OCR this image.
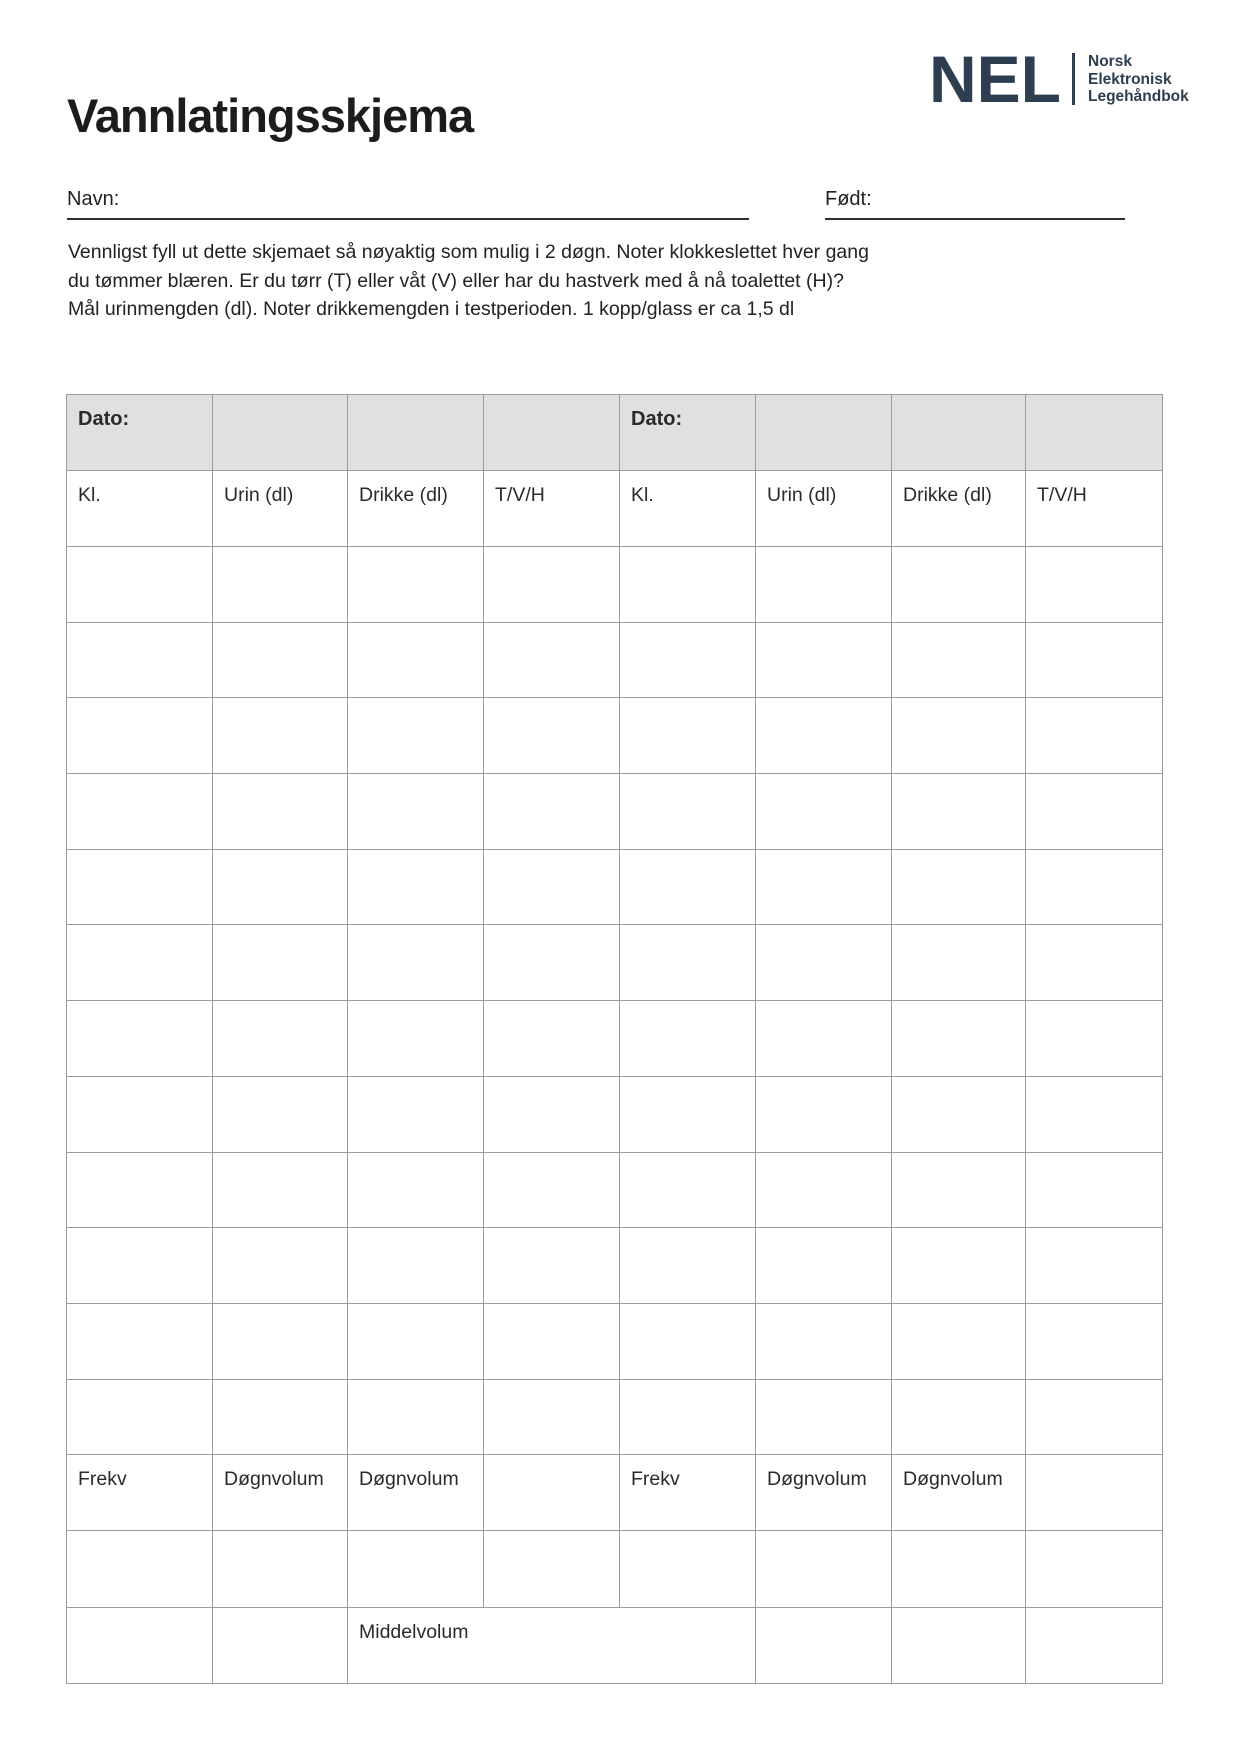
Vannlatingsskjema	NEL Norsk
Elektronisk
Legehåndbok
Navn:	Født:
Vennligst fyll ut dette skjemaet så nøyaktig som mulig i 2 døgn. Noter klokkeslettet hver gang
du tømmer blæren. Er du tørr (T) eller våt (V) eller har du hastverk med å nå toalettet (H)?
Mål urinmengden (dl). Noter drikkemengden i testperioden. 1 kopp/glass er ca 1,5 dl
Dato:				Dato:			
Kl.	Urin (dl)	Drikke (dl)	T/V/H	Kl.	Urin (dl)	Drikke (dl)	T/V/H

Frekv	Døgnvolum	Døgnvolum		Frekv	Døgnvolum	Døgnvolum	

		Middelvolum					
